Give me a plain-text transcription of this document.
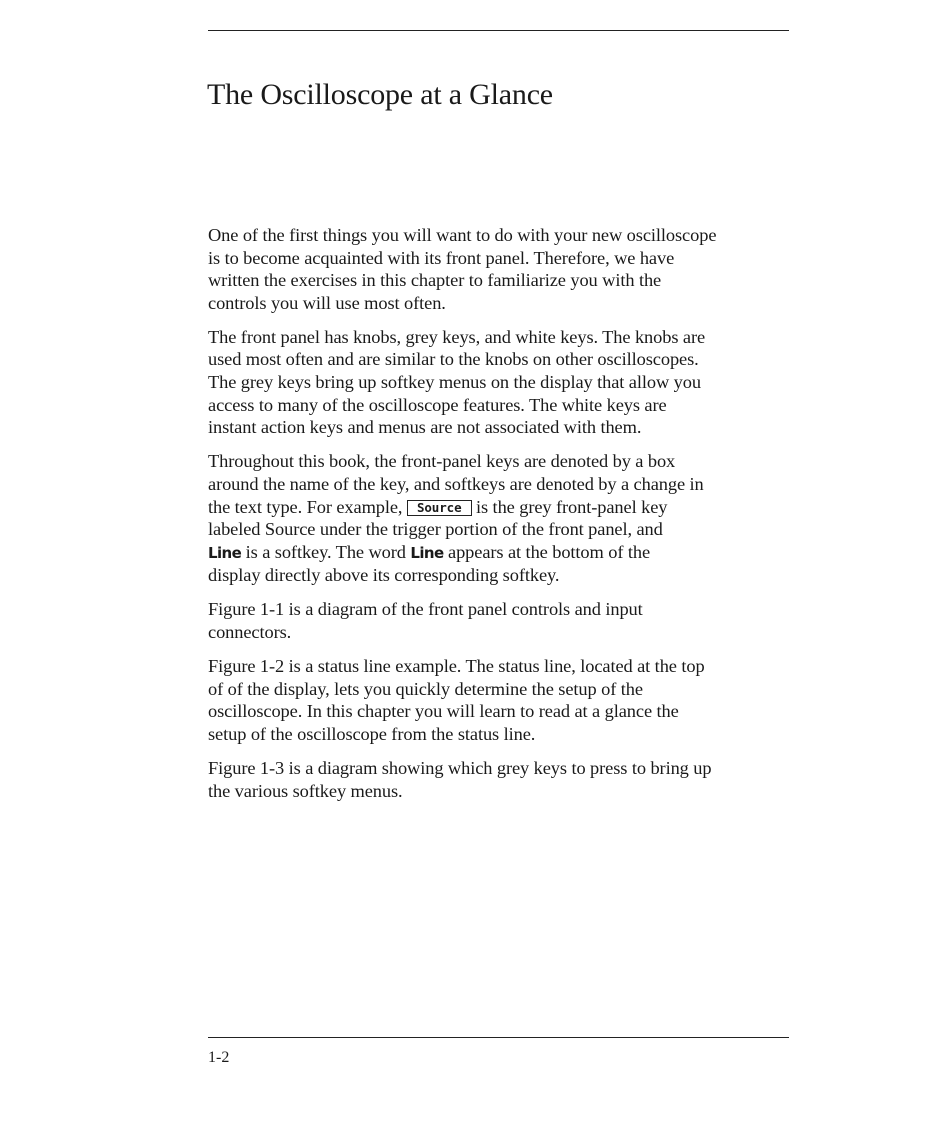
The Oscilloscope at a Glance

One of the first things you will want to do with your new oscilloscope
is to become acquainted with its front panel. Therefore, we have
written the exercises in this chapter to familiarize you with the
controls you will use most often.

The front panel has knobs, grey keys, and white keys. The knobs are
used most often and are similar to the knobs on other oscilloscopes.
The grey keys bring up softkey menus on the display that allow you
access to many of the oscilloscope features. The white keys are
instant action keys and menus are not associated with them.

Throughout this book, the front-panel keys are denoted by a box
around the name of the key, and softkeys are denoted by a change in
the text type. For example, Source is the grey front-panel key
labeled Source under the trigger portion of the front panel, and
Line is a softkey. The word Line appears at the bottom of the
display directly above its corresponding softkey.

Figure 1-1 is a diagram of the front panel controls and input
connectors.

Figure 1-2 is a status line example. The status line, located at the top
of of the display, lets you quickly determine the setup of the
oscilloscope. In this chapter you will learn to read at a glance the
setup of the oscilloscope from the status line.

Figure 1-3 is a diagram showing which grey keys to press to bring up
the various softkey menus.

1-2
